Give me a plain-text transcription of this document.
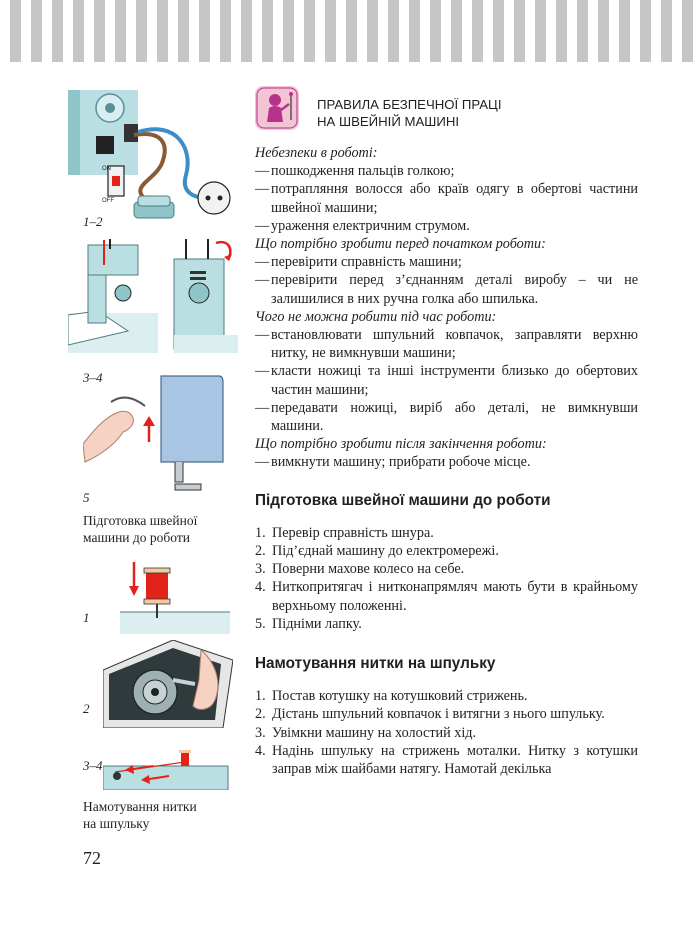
ON
OFF
1–2
3–4
5
Підготовка швейної
машини до роботи
1
2
3–4
Намотування нитки
на шпульку
72
ПРАВИЛА БЕЗПЕЧНОЇ ПРАЦІ
НА ШВЕЙНІЙ МАШИНІ
Небезпеки в роботі:
— пошкодження пальців голкою;
— потрапляння волосся або країв одягу в обертові частини швейної машини;
— ураження електричним струмом.
Що потрібно зробити перед початком роботи:
— перевірити справність машини;
— перевірити перед з’єднанням деталі виробу – чи не залишилися в них ручна голка або шпилька.
Чого не можна робити під час роботи:
— встановлювати шпульний ковпачок, заправляти верхню нитку, не вимкнувши машини;
— класти ножиці та інші інструменти близько до обертових частин машини;
— передавати ножиці, виріб або деталі, не вимкнувши машини.
Що потрібно зробити після закінчення роботи:
— вимкнути машину; прибрати робоче місце.
Підготовка швейної машини до роботи
1. Перевір справність шнура.
2. Під’єднай машину до електромережі.
3. Поверни махове колесо на себе.
4. Ниткопритягач і нитконапрямляч мають бути в крайньому верхньому положенні.
5. Підніми лапку.
Намотування нитки на шпульку
1. Постав котушку на котушковий стрижень.
2. Дістань шпульний ковпачок і витягни з нього шпульку.
3. Увімкни машину на холостий хід.
4. Надінь шпульку на стрижень моталки. Нитку з котушки заправ між шайбами натягу. Намотай декілька
